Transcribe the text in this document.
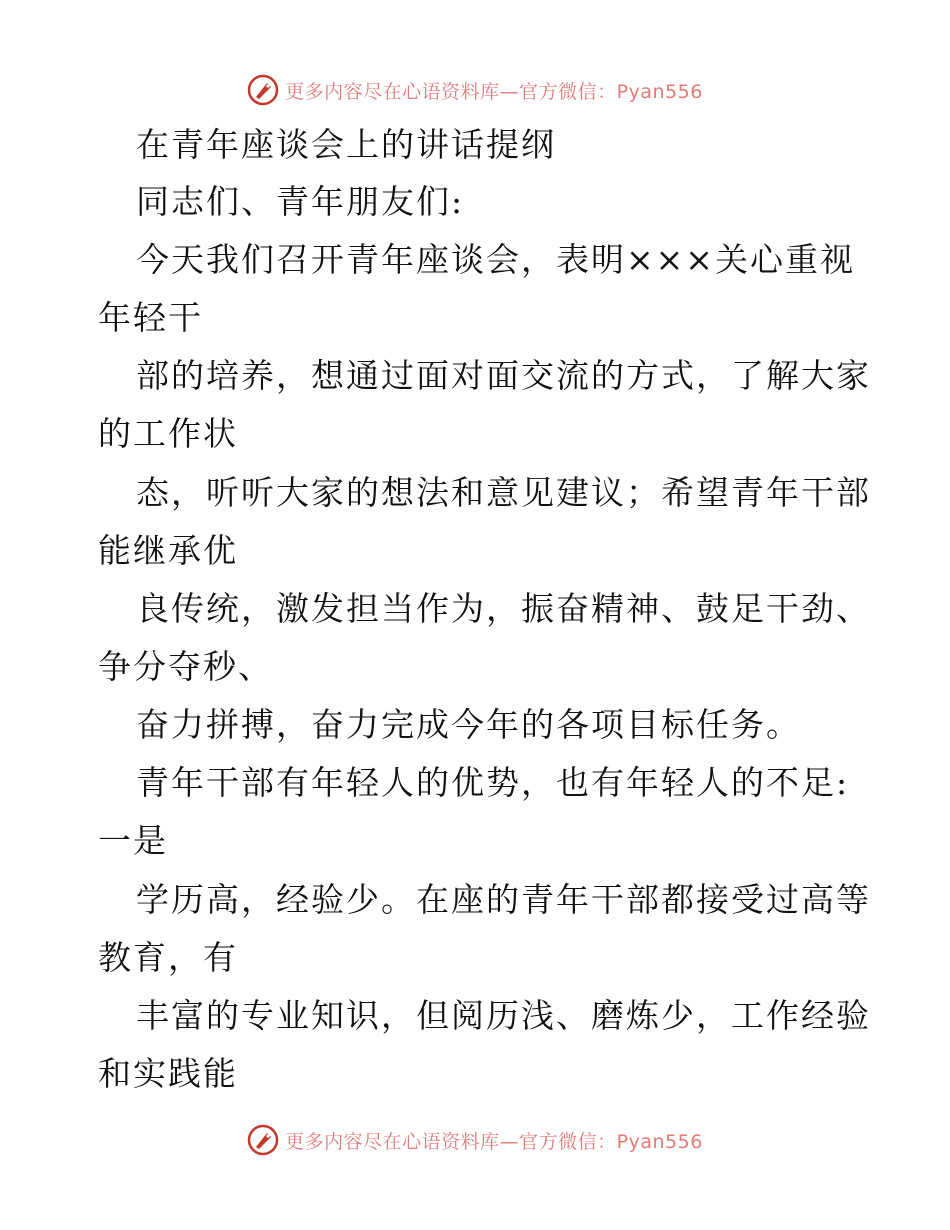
更多内容尽在心语资料库—官方微信：Pyan556
在青年座谈会上的讲话提纲
同志们、青年朋友们:
今天我们召开青年座谈会，表明×××关心重视
年轻干
部的培养，想通过面对面交流的方式，了解大家
的工作状
态，听听大家的想法和意见建议；希望青年干部
能继承优
良传统，激发担当作为，振奋精神、鼓足干劲、
争分夺秒、
奋力拼搏，奋力完成今年的各项目标任务。
青年干部有年轻人的优势，也有年轻人的不足:
一是
学历高，经验少。在座的青年干部都接受过高等
教育，有
丰富的专业知识，但阅历浅、磨炼少，工作经验
和实践能
更多内容尽在心语资料库—官方微信：Pyan556
